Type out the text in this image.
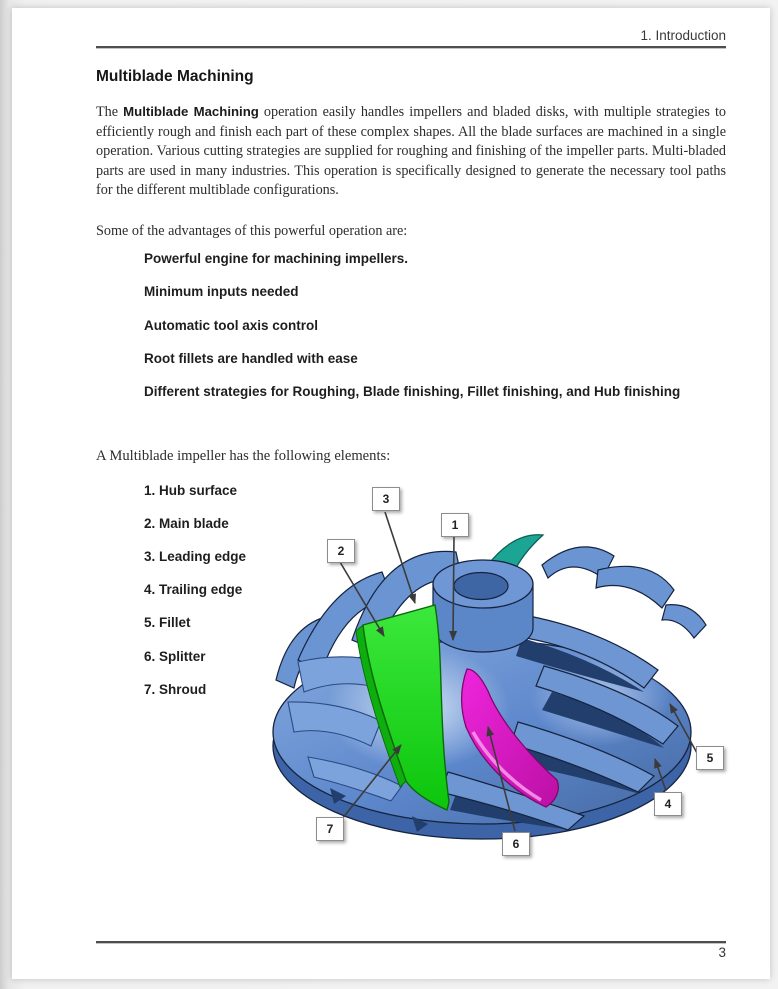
1. Introduction
Multiblade Machining
The Multiblade Machining operation easily handles impellers and bladed disks, with multiple strategies to efficiently rough and finish each part of these complex shapes. All the blade surfaces are machined in a single operation. Various cutting strategies are supplied for roughing and finishing of the impeller parts. Multi-bladed parts are used in many industries. This operation is specifically designed to generate the necessary tool paths for the different multiblade configurations.
Some of the advantages of this powerful operation are:
Powerful engine for machining impellers.
Minimum inputs needed
Automatic tool axis control
Root fillets are handled with ease
Different strategies for Roughing, Blade finishing, Fillet finishing, and Hub finishing
A Multiblade impeller has the following elements:
1. Hub surface
2. Main blade
3. Leading edge
4. Trailing edge
5. Fillet
6. Splitter
7. Shroud
3
1
2
5
4
7
6
3
